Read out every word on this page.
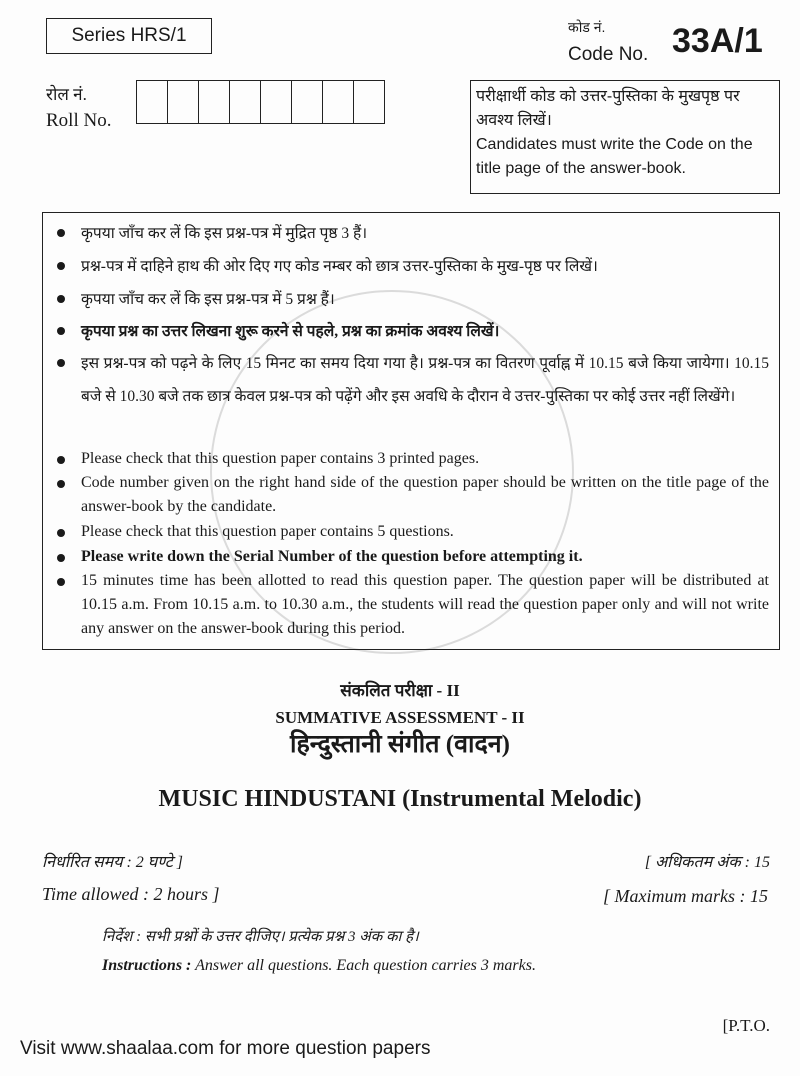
Series HRS/1	कोड नं.
Code No. 33A/1
रोल नं.
Roll No.
परीक्षार्थी कोड को उत्तर-पुस्तिका के मुखपृष्ठ पर अवश्य लिखें।
Candidates must write the Code on the title page of the answer-book.
कृपया जाँच कर लें कि इस प्रश्न-पत्र में मुद्रित पृष्ठ 3 हैं।
प्रश्न-पत्र में दाहिने हाथ की ओर दिए गए कोड नम्बर को छात्र उत्तर-पुस्तिका के मुख-पृष्ठ पर लिखें।
कृपया जाँच कर लें कि इस प्रश्न-पत्र में 5 प्रश्न हैं।
कृपया प्रश्न का उत्तर लिखना शुरू करने से पहले, प्रश्न का क्रमांक अवश्य लिखें।
इस प्रश्न-पत्र को पढ़ने के लिए 15 मिनट का समय दिया गया है। प्रश्न-पत्र का वितरण पूर्वाह्न में 10.15 बजे किया जायेगा। 10.15 बजे से 10.30 बजे तक छात्र केवल प्रश्न-पत्र को पढ़ेंगे और इस अवधि के दौरान वे उत्तर-पुस्तिका पर कोई उत्तर नहीं लिखेंगे।
Please check that this question paper contains 3 printed pages.
Code number given on the right hand side of the question paper should be written on the title page of the answer-book by the candidate.
Please check that this question paper contains 5 questions.
Please write down the Serial Number of the question before attempting it.
15 minutes time has been allotted to read this question paper. The question paper will be distributed at 10.15 a.m. From 10.15 a.m. to 10.30 a.m., the students will read the question paper only and will not write any answer on the answer-book during this period.
संकलित परीक्षा - II
SUMMATIVE ASSESSMENT - II
हिन्दुस्तानी संगीत (वादन)
MUSIC HINDUSTANI (Instrumental Melodic)
निर्धारित समय : 2 घण्टे ]
Time allowed : 2 hours ]
[ अधिकतम अंक : 15
[ Maximum marks : 15
निर्देश : सभी प्रश्नों के उत्तर दीजिए। प्रत्येक प्रश्न 3 अंक का है।
Instructions : Answer all questions. Each question carries 3 marks.
[P.T.O.
Visit www.shaalaa.com for more question papers
